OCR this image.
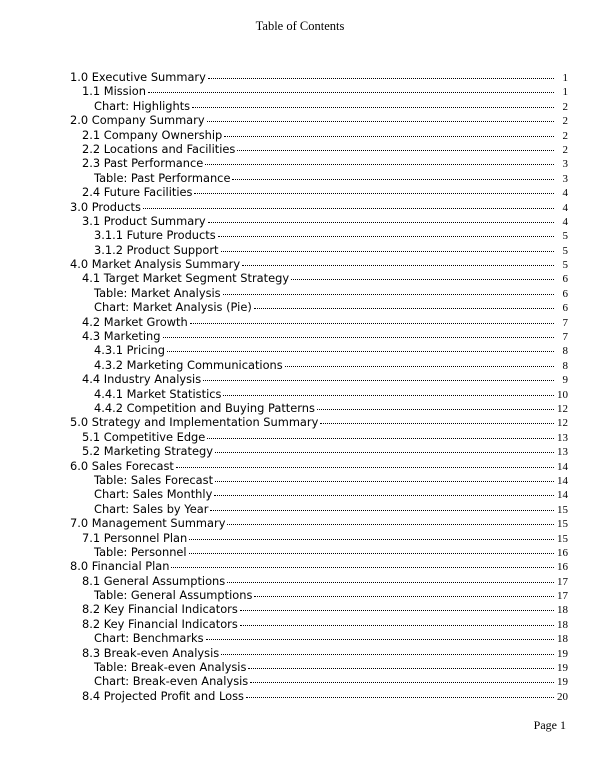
Table of Contents
1.0 Executive Summary	1
1.1 Mission	1
Chart: Highlights	2
2.0 Company Summary	2
2.1 Company Ownership	2
2.2 Locations and Facilities	2
2.3 Past Performance	3
Table: Past Performance	3
2.4 Future Facilities	4
3.0 Products	4
3.1 Product Summary	4
3.1.1 Future Products	5
3.1.2 Product Support	5
4.0 Market Analysis Summary	5
4.1 Target Market Segment Strategy	6
Table: Market Analysis	6
Chart: Market Analysis (Pie)	6
4.2 Market Growth	7
4.3 Marketing	7
4.3.1 Pricing	8
4.3.2 Marketing Communications	8
4.4 Industry Analysis	9
4.4.1 Market Statistics	10
4.4.2 Competition and Buying Patterns	12
5.0 Strategy and Implementation Summary	12
5.1 Competitive Edge	13
5.2 Marketing Strategy	13
6.0 Sales Forecast	14
Table: Sales Forecast	14
Chart: Sales Monthly	14
Chart: Sales by Year	15
7.0 Management Summary	15
7.1 Personnel Plan	15
Table: Personnel	16
8.0 Financial Plan	16
8.1 General Assumptions	17
Table: General Assumptions	17
8.2 Key Financial Indicators	18
8.2 Key Financial Indicators	18
Chart: Benchmarks	18
8.3 Break-even Analysis	19
Table: Break-even Analysis	19
Chart: Break-even Analysis	19
8.4 Projected Profit and Loss	20
Page 1
